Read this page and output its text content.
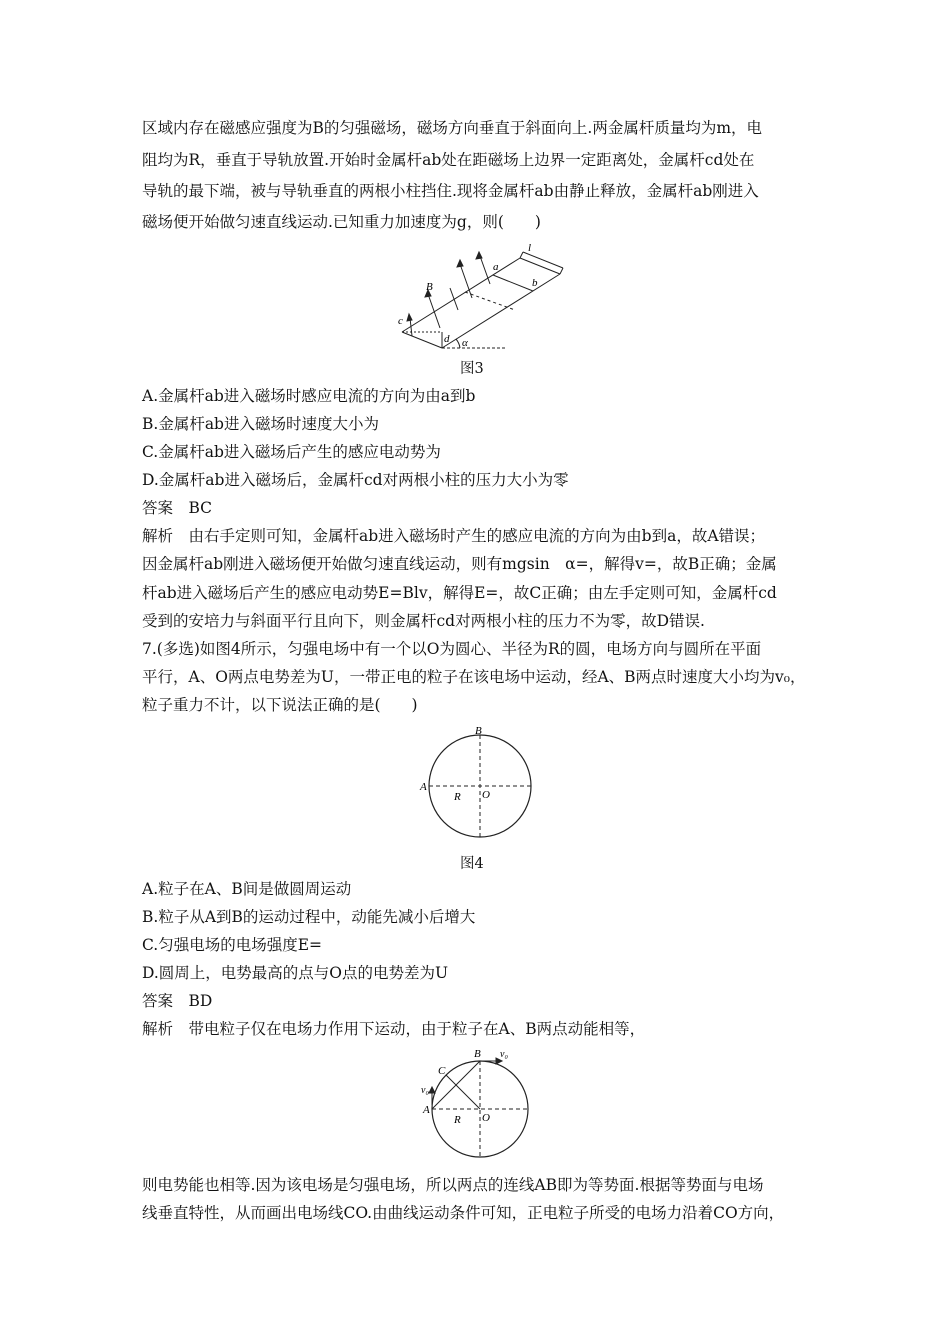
区域内存在磁感应强度为B的匀强磁场，磁场方向垂直于斜面向上.两金属杆质量均为m，电
阻均为R，垂直于导轨放置.开始时金属杆ab处在距磁场上边界一定距离处，金属杆cd处在
导轨的最下端，被与导轨垂直的两根小柱挡住.现将金属杆ab由静止释放，金属杆ab刚进入
磁场便开始做匀速直线运动.已知重力加速度为g，则(　　)
l
a
b
B
c
d α
图3
A.金属杆ab进入磁场时感应电流的方向为由a到b
B.金属杆ab进入磁场时速度大小为
C.金属杆ab进入磁场后产生的感应电动势为
D.金属杆ab进入磁场后，金属杆cd对两根小柱的压力大小为零
答案　BC
解析　由右手定则可知，金属杆ab进入磁场时产生的感应电流的方向为由b到a，故A错误；
因金属杆ab刚进入磁场便开始做匀速直线运动，则有mgsin　α=，解得v=，故B正确；金属
杆ab进入磁场后产生的感应电动势E=Blv，解得E=，故C正确；由左手定则可知，金属杆cd
受到的安培力与斜面平行且向下，则金属杆cd对两根小柱的压力不为零，故D错误.
7.(多选)如图4所示，匀强电场中有一个以O为圆心、半径为R的圆，电场方向与圆所在平面
平行，A、O两点电势差为U，一带正电的粒子在该电场中运动，经A、B两点时速度大小均为v₀，
粒子重力不计，以下说法正确的是(　　)
A
B
O
R
图4
A.粒子在A、B间是做圆周运动
B.粒子从A到B的运动过程中，动能先减小后增大
C.匀强电场的电场强度E=
D.圆周上，电势最高的点与O点的电势差为U
答案　BD
解析　带电粒子仅在电场力作用下运动，由于粒子在A、B两点动能相等，
B
C
A
O
R
v₀
v₀
则电势能也相等.因为该电场是匀强电场，所以两点的连线AB即为等势面.根据等势面与电场
线垂直特性，从而画出电场线CO.由曲线运动条件可知，正电粒子所受的电场力沿着CO方向，
